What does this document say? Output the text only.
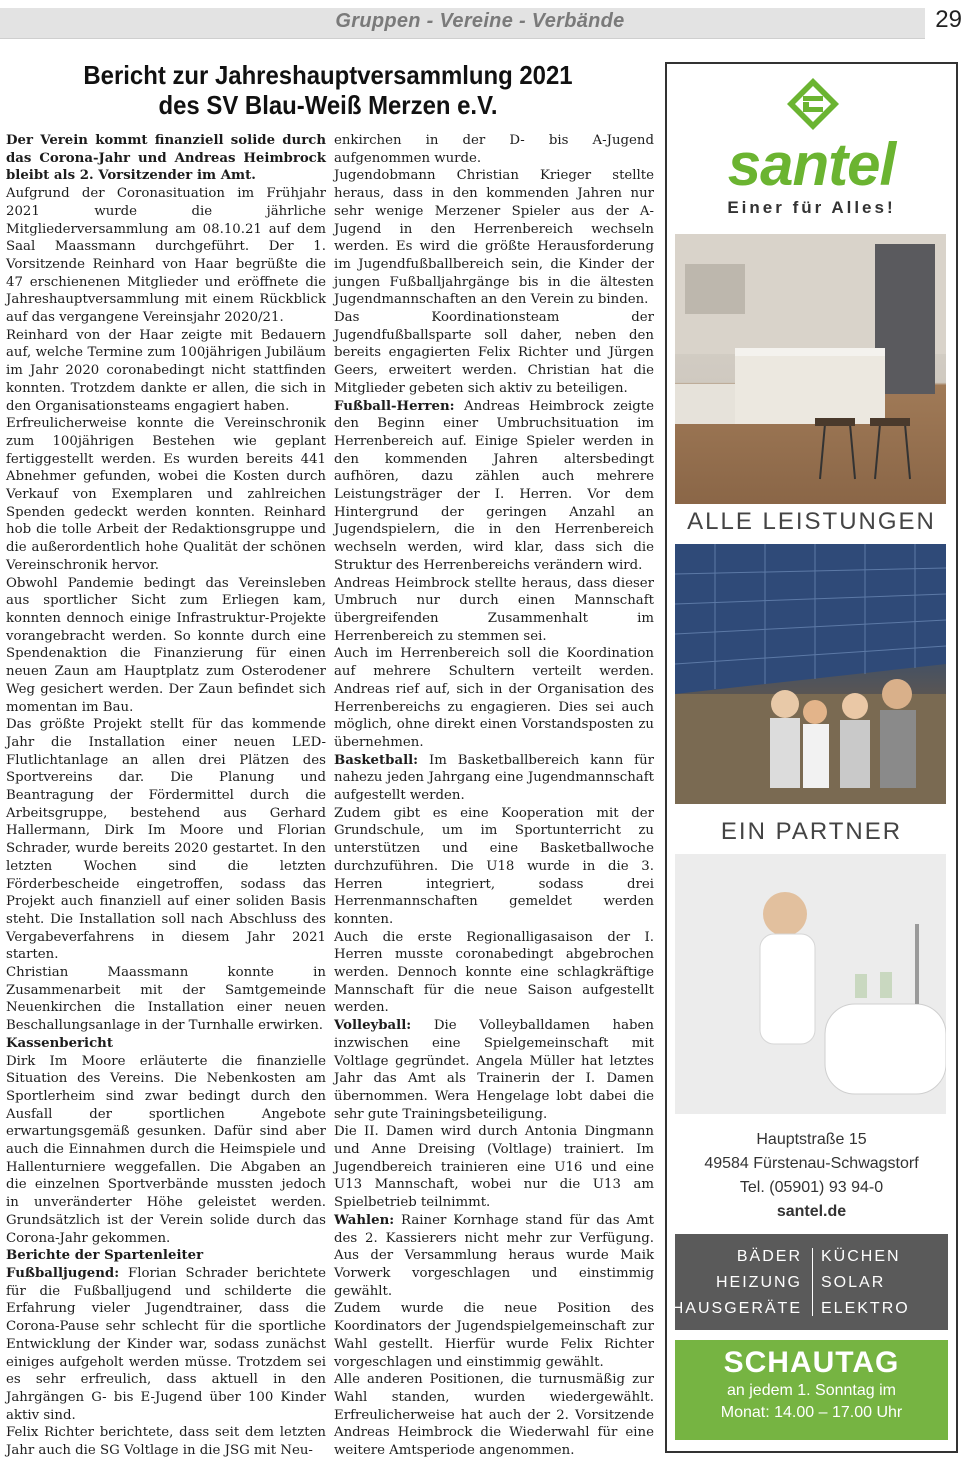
Gruppen - Vereine - Verbände	29
Bericht zur Jahreshauptversammlung 2021
des SV Blau-Weiß Merzen e.V.

Der Verein kommt finanziell solide durch das Corona-Jahr und Andreas Heimbrock bleibt als 2. Vorsitzender im Amt.

Aufgrund der Coronasituation im Frühjahr 2021 wurde die jährliche Mitgliederversammlung am 08.10.21 auf dem Saal Maassmann durchgeführt. Der 1. Vorsitzende Reinhard von Haar begrüßte die 47 erschienenen Mitglieder und eröffnete die Jahreshauptversammlung mit einem Rückblick auf das vergangene Vereinsjahr 2020/21.

Reinhard von der Haar zeigte mit Bedauern auf, welche Termine zum 100jährigen Jubiläum im Jahr 2020 coronabedingt nicht stattfinden konnten. Trotzdem dankte er allen, die sich in den Organisationsteams engagiert haben.

Erfreulicherweise konnte die Vereinschronik zum 100jährigen Bestehen wie geplant fertiggestellt werden. Es wurden bereits 441 Abnehmer gefunden, wobei die Kosten durch Verkauf von Exemplaren und zahlreichen Spenden gedeckt werden konnten. Reinhard hob die tolle Arbeit der Redaktionsgruppe und die außerordentlich hohe Qualität der schönen Vereinschronik hervor.

Obwohl Pandemie bedingt das Vereinsleben aus sportlicher Sicht zum Erliegen kam, konnten dennoch einige Infrastruktur-Projekte vorangebracht werden. So konnte durch eine Spendenaktion die Finanzierung für einen neuen Zaun am Hauptplatz zum Osterodener Weg gesichert werden. Der Zaun befindet sich momentan im Bau.

Das größte Projekt stellt für das kommende Jahr die Installation einer neuen LED-Flutlichtanlage an allen drei Plätzen des Sportvereins dar. Die Planung und Beantragung der Fördermittel durch die Arbeitsgruppe, bestehend aus Gerhard Hallermann, Dirk Im Moore und Florian Schrader, wurde bereits 2020 gestartet. In den letzten Wochen sind die letzten Förderbescheide eingetroffen, sodass das Projekt auch finanziell auf einer soliden Basis steht. Die Installation soll nach Abschluss des Vergabeverfahrens in diesem Jahr 2021 starten.

Christian Maassmann konnte in Zusammenarbeit mit der Samtgemeinde Neuenkirchen die Installation einer neuen Beschallungsanlage in der Turnhalle erwirken.

Kassenbericht

Dirk Im Moore erläuterte die finanzielle Situation des Vereins. Die Nebenkosten am Sportlerheim sind zwar bedingt durch den Ausfall der sportlichen Angebote erwartungsgemäß gesunken. Dafür sind aber auch die Einnahmen durch die Heimspiele und Hallenturniere weggefallen. Die Abgaben an die einzelnen Sportverbände mussten jedoch in unveränderter Höhe geleistet werden. Grundsätzlich ist der Verein solide durch das Corona-Jahr gekommen.

Berichte der Spartenleiter

Fußballjugend: Florian Schrader berichtete für die Fußballjugend und schilderte die Erfahrung vieler Jugendtrainer, dass die Corona-Pause sehr schlecht für die sportliche Entwicklung der Kinder war, sodass zunächst einiges aufgeholt werden müsse. Trotzdem sei es sehr erfreulich, dass aktuell in den Jahrgängen G- bis E-Jugend über 100 Kinder aktiv sind.

Felix Richter berichtete, dass seit dem letzten Jahr auch die SG Voltlage in die JSG mit Neu-

enkirchen in der D- bis A-Jugend aufgenommen wurde.

Jugendobmann Christian Krieger stellte heraus, dass in den kommenden Jahren nur sehr wenige Merzener Spieler aus der A-Jugend in den Herrenbereich wechseln werden. Es wird die größte Herausforderung im Jugendfußballbereich sein, die Kinder der jungen Fußballjahrgänge bis in die ältesten Jugendmannschaften an den Verein zu binden.

Das Koordinationsteam der Jugendfußballsparte soll daher, neben den bereits engagierten Felix Richter und Jürgen Geers, erweitert werden. Christian hat die Mitglieder gebeten sich aktiv zu beteiligen.

Fußball-Herren: Andreas Heimbrock zeigte den Beginn einer Umbruchsituation im Herrenbereich auf. Einige Spieler werden in den kommenden Jahren altersbedingt aufhören, dazu zählen auch mehrere Leistungsträger der I. Herren. Vor dem Hintergrund der geringen Anzahl an Jugendspielern, die in den Herrenbereich wechseln werden, wird klar, dass sich die Struktur des Herrenbereichs verändern wird.

Andreas Heimbrock stellte heraus, dass dieser Umbruch nur durch einen Mannschaft übergreifenden Zusammenhalt im Herrenbereich zu stemmen sei.

Auch im Herrenbereich soll die Koordination auf mehrere Schultern verteilt werden. Andreas rief auf, sich in der Organisation des Herrenbereichs zu engagieren. Dies sei auch möglich, ohne direkt einen Vorstandsposten zu übernehmen.

Basketball: Im Basketballbereich kann für nahezu jeden Jahrgang eine Jugendmannschaft aufgestellt werden.

Zudem gibt es eine Kooperation mit der Grundschule, um im Sportunterricht zu unterstützen und eine Basketballwoche durchzuführen. Die U18 wurde in die 3. Herren integriert, sodass drei Herrenmannschaften gemeldet werden konnten.

Auch die erste Regionalligasaison der I. Herren musste coronabedingt abgebrochen werden. Dennoch konnte eine schlagkräftige Mannschaft für die neue Saison aufgestellt werden.

Volleyball: Die Volleyballdamen haben inzwischen eine Spielgemeinschaft mit Voltlage gegründet. Angela Müller hat letztes Jahr das Amt als Trainerin der I. Damen übernommen. Wera Hengelage lobt dabei die sehr gute Trainingsbeteiligung.

Die II. Damen wird durch Antonia Dingmann und Anne Dreising (Voltlage) trainiert. Im Jugendbereich trainieren eine U16 und eine U13 Mannschaft, wobei nur die U13 am Spielbetrieb teilnimmt.

Wahlen: Rainer Kornhage stand für das Amt des 2. Kassierers nicht mehr zur Verfügung. Aus der Versammlung heraus wurde Maik Vorwerk vorgeschlagen und einstimmig gewählt.

Zudem wurde die neue Position des Koordinators der Jugendspielgemeinschaft zur Wahl gestellt. Hierfür wurde Felix Richter vorgeschlagen und einstimmig gewählt.

Alle anderen Positionen, die turnusmäßig zur Wahl standen, wurden wiedergewählt. Erfreulicherweise hat auch der 2. Vorsitzende Andreas Heimbrock die Wiederwahl für eine weitere Amtsperiode angenommen.

santel
Einer für Alles!
ALLE LEISTUNGEN
EIN PARTNER
Hauptstraße 15
49584 Fürstenau-Schwagstorf
Tel. (05901) 93 94-0
santel.de
BÄDER
HEIZUNG
HAUSGERÄTE
KÜCHEN
SOLAR
ELEKTRO
SCHAUTAG
an jedem 1. Sonntag im
Monat: 14.00 – 17.00 Uhr
